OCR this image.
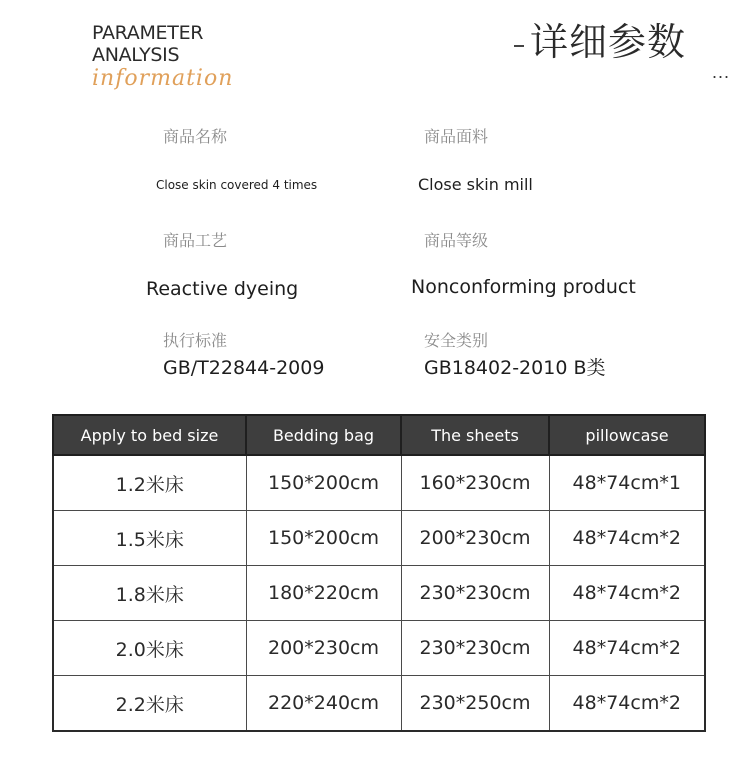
PARAMETER
ANALYSIS
information
详细参数
...
商品名称
Close skin covered 4 times
商品面料
Close skin mill
商品工艺
Reactive dyeing
商品等级
Nonconforming product
执行标准
GB/T22844-2009
安全类别
GB18402-2010 B类
Apply to bed size	Bedding bag	The sheets	pillowcase
1.2米床	150*200cm	160*230cm	48*74cm*1
1.5米床	150*200cm	200*230cm	48*74cm*2
1.8米床	180*220cm	230*230cm	48*74cm*2
2.0米床	200*230cm	230*230cm	48*74cm*2
2.2米床	220*240cm	230*250cm	48*74cm*2
